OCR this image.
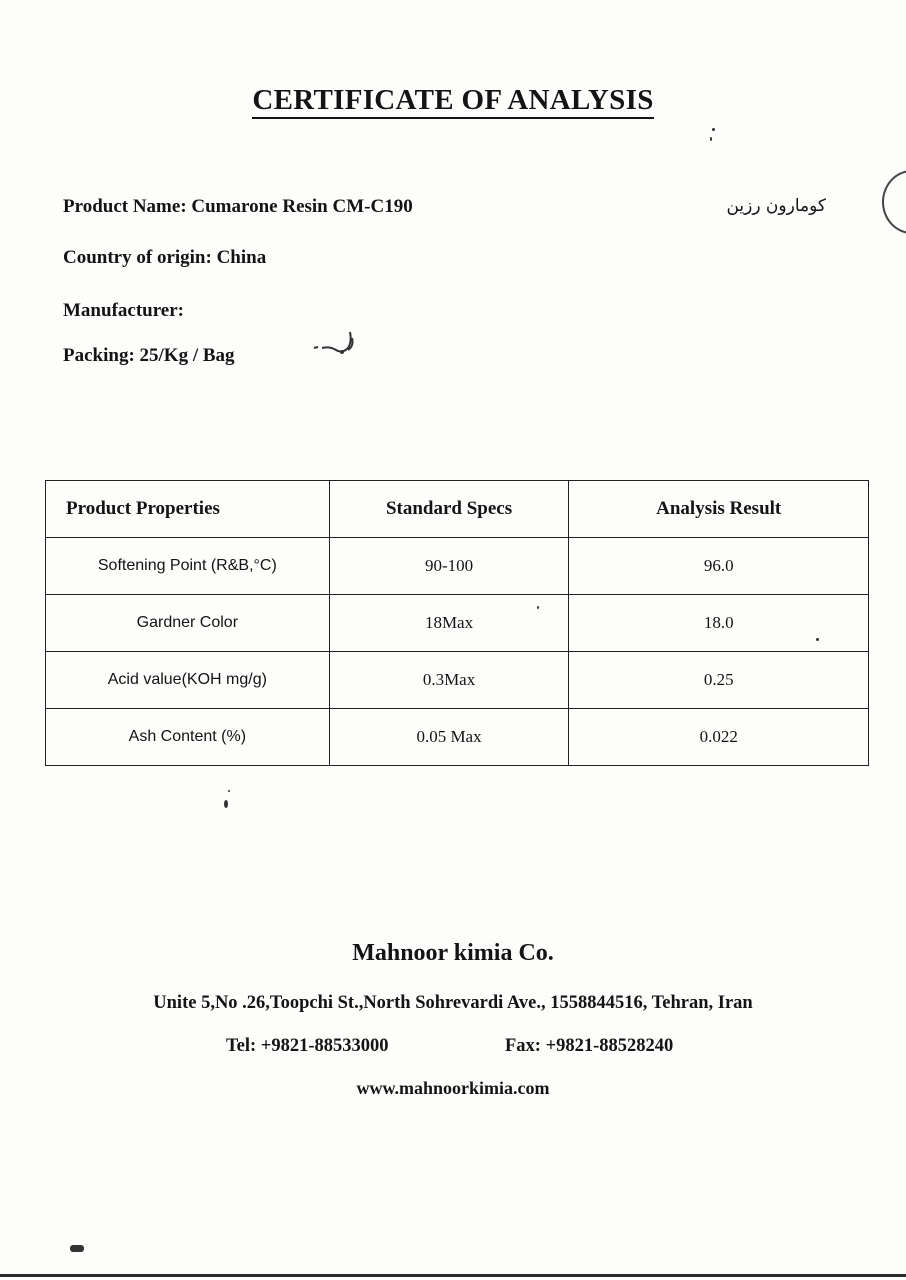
CERTIFICATE OF ANALYSIS
Product Name: Cumarone Resin CM-C190	کومارون رزین
Country of origin: China
Manufacturer:
Packing: 25/Kg / Bag
Product Properties	Standard Specs	Analysis Result
Softening Point (R&B,°C)	90-100	96.0
Gardner Color	18Max	18.0
Acid value(KOH mg/g)	0.3Max	0.25
Ash Content (%)	0.05 Max	0.022
Mahnoor kimia Co.
Unite 5,No .26,Toopchi St.,North Sohrevardi Ave., 1558844516, Tehran, Iran
Tel: +9821-88533000	Fax: +9821-88528240
www.mahnoorkimia.com
